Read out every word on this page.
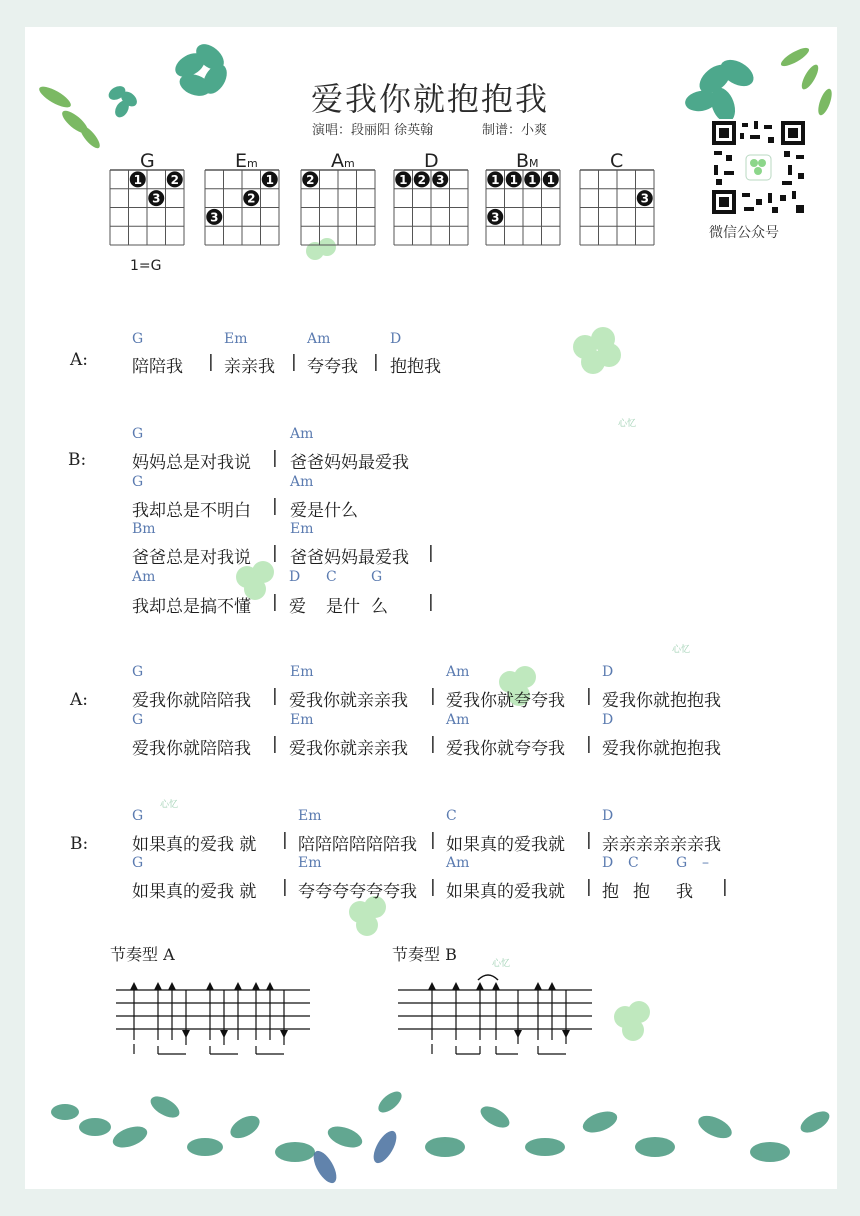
爱我你就抱抱我
演唱：段丽阳 徐英翰	制谱：小爽
G
1 2
3
Em
1
2
3
Am
2
D
1 2 3
BM
1 1 1 1
3
C
3
微信公众号
1=G
A:
G	Em	Am	D
陪陪我 | 亲亲我 | 夸夸我 | 抱抱我
B:
G	Am
妈妈总是对我说 | 爸爸妈妈最爱我
G	Am
我却总是不明白 | 爱是什么
Bm	Em
爸爸总是对我说 | 爸爸妈妈最爱我 |
Am	D C G
我却总是搞不懂 | 爱 是什 么 |
A:
G	Em	Am	D
爱我你就陪陪我 | 爱我你就亲亲我 | 爱我你就夸夸我 | 爱我你就抱抱我
G	Em	Am	D
爱我你就陪陪我 | 爱我你就亲亲我 | 爱我你就夸夸我 | 爱我你就抱抱我
B:
G	Em	C	D
如果真的爱我 就 | 陪陪陪陪陪陪我 | 如果真的爱我就 | 亲亲亲亲亲亲我
G	Em	Am	D C	G –
如果真的爱我 就 | 夸夸夸夸夸夸我 | 如果真的爱我就 | 抱 抱 我 |
心忆
心忆
心忆
心忆
节奏型 A	节奏型 B
